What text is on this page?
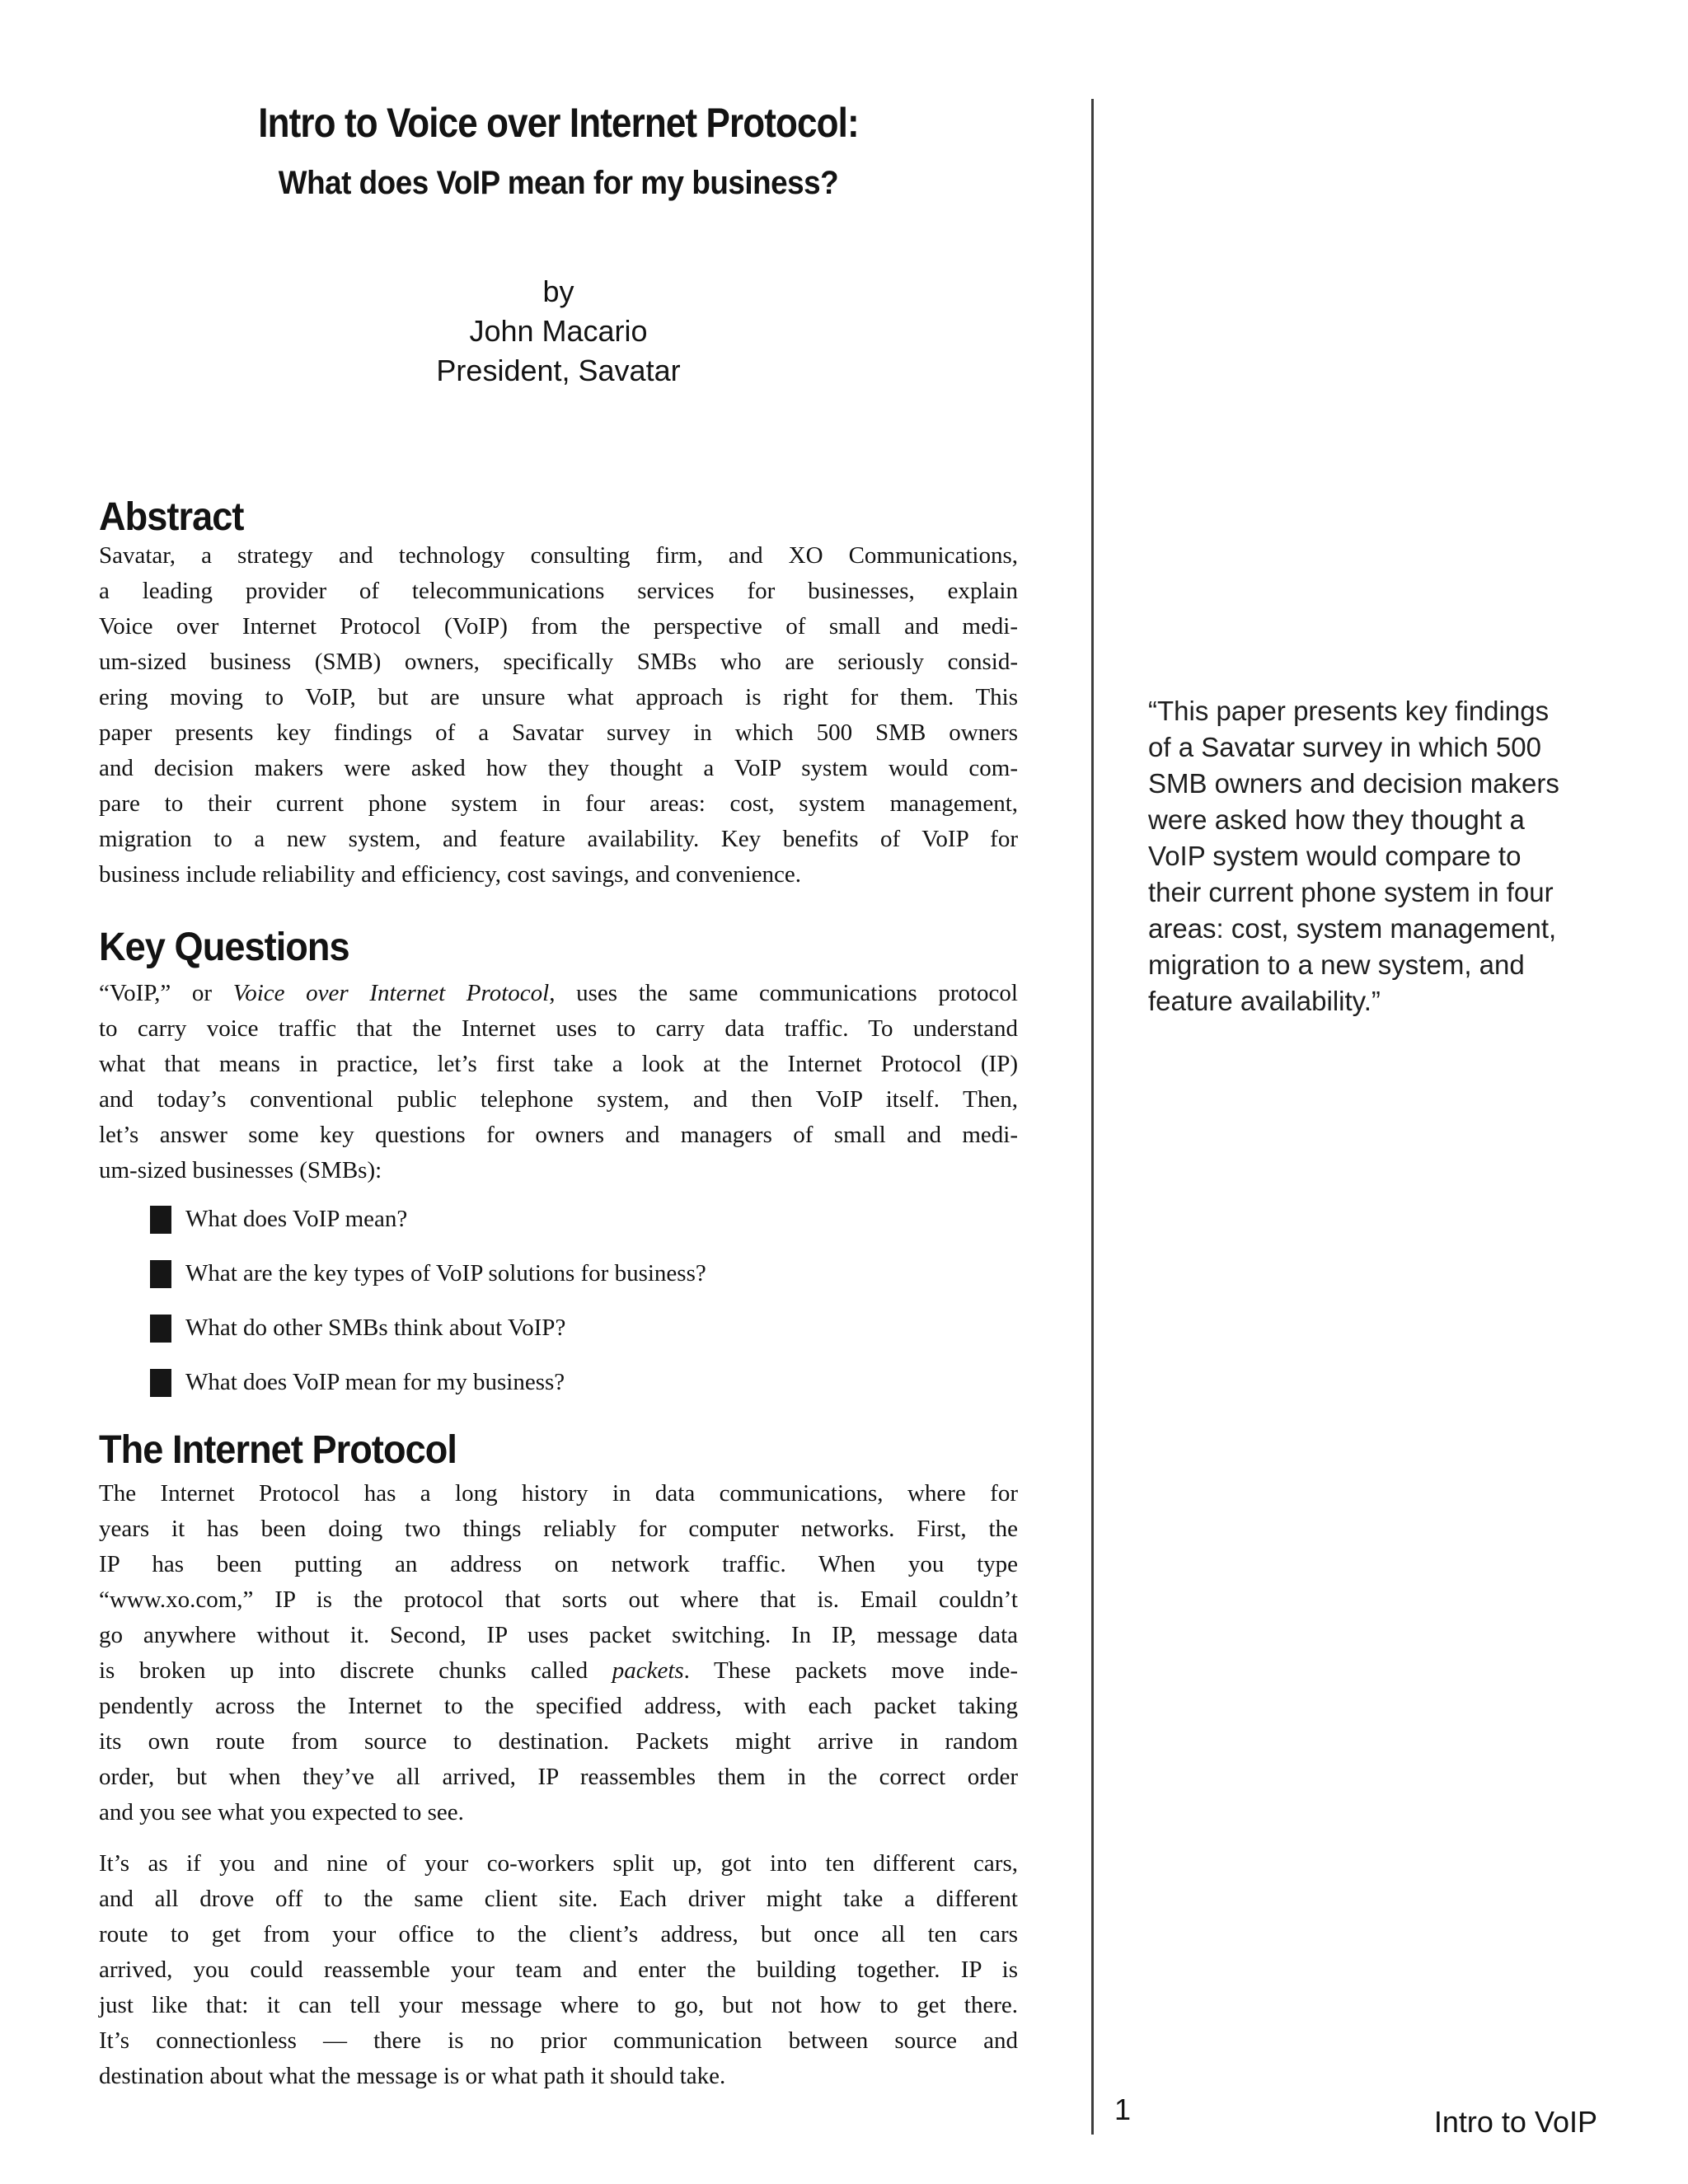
Intro to Voice over Internet Protocol:
What does VoIP mean for my business?
by
John Macario
President, Savatar
Abstract
Savatar, a strategy and technology consulting firm, and XO Communications,
a leading provider of telecommunications services for businesses, explain
Voice over Internet Protocol (VoIP) from the perspective of small and medi-
um-sized business (SMB) owners, specifically SMBs who are seriously consid-
ering moving to VoIP, but are unsure what approach is right for them. This
paper presents key findings of a Savatar survey in which 500 SMB owners
and decision makers were asked how they thought a VoIP system would com-
pare to their current phone system in four areas: cost, system management,
migration to a new system, and feature availability. Key benefits of VoIP for
business include reliability and efficiency, cost savings, and convenience.
Key Questions
“VoIP,” or Voice over Internet Protocol, uses the same communications protocol
to carry voice traffic that the Internet uses to carry data traffic. To understand
what that means in practice, let’s first take a look at the Internet Protocol (IP)
and today’s conventional public telephone system, and then VoIP itself. Then,
let’s answer some key questions for owners and managers of small and medi-
um-sized businesses (SMBs):
What does VoIP mean?
What are the key types of VoIP solutions for business?
What do other SMBs think about VoIP?
What does VoIP mean for my business?
The Internet Protocol
The Internet Protocol has a long history in data communications, where for
years it has been doing two things reliably for computer networks. First, the
IP has been putting an address on network traffic. When you type
“www.xo.com,” IP is the protocol that sorts out where that is. Email couldn’t
go anywhere without it. Second, IP uses packet switching. In IP, message data
is broken up into discrete chunks called packets. These packets move inde-
pendently across the Internet to the specified address, with each packet taking
its own route from source to destination. Packets might arrive in random
order, but when they’ve all arrived, IP reassembles them in the correct order
and you see what you expected to see.
It’s as if you and nine of your co-workers split up, got into ten different cars,
and all drove off to the same client site. Each driver might take a different
route to get from your office to the client’s address, but once all ten cars
arrived, you could reassemble your team and enter the building together. IP is
just like that: it can tell your message where to go, but not how to get there.
It’s connectionless — there is no prior communication between source and
destination about what the message is or what path it should take.
“This paper presents key findings
of a Savatar survey in which 500
SMB owners and decision makers
were asked how they thought a
VoIP system would compare to
their current phone system in four
areas: cost, system management,
migration to a new system, and
feature availability.”
1	Intro to VoIP
